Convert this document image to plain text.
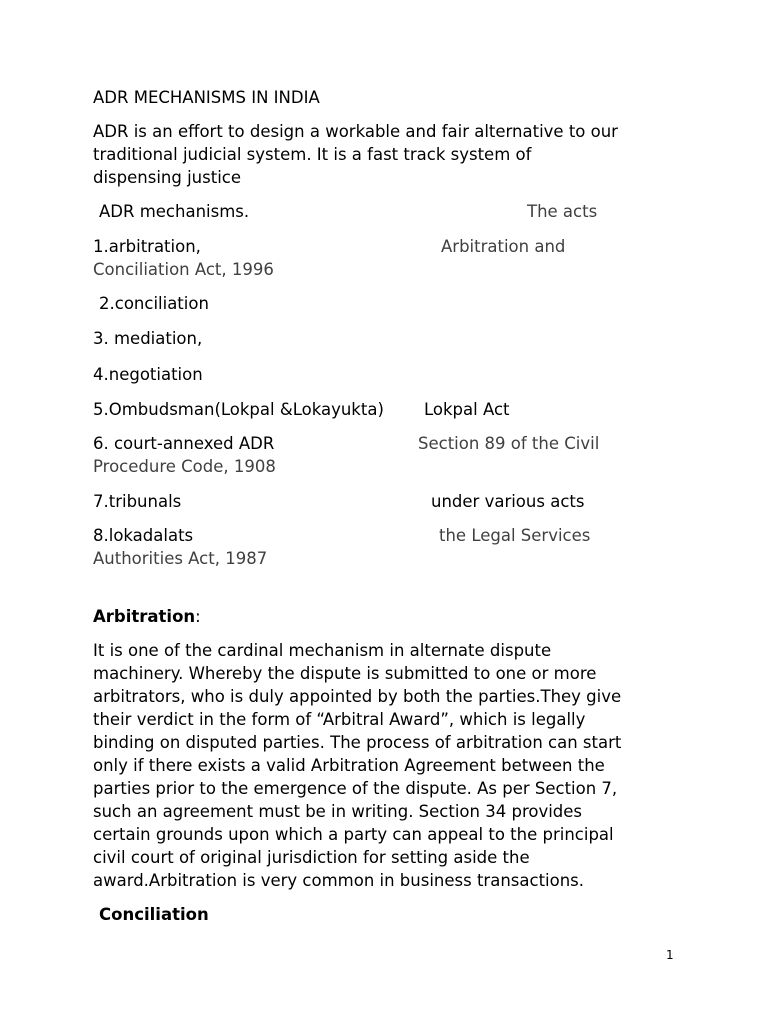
ADR MECHANISMS IN INDIA

ADR is an effort to design a workable and fair alternative to our

traditional judicial system. It is a fast track system of

dispensing justice

ADR mechanisms.	The acts

1.arbitration,	Arbitration and

Conciliation Act, 1996

2.conciliation

3. mediation,

4.negotiation

5.Ombudsman(Lokpal &Lokayukta) Lokpal Act

6. court-annexed ADR	Section 89 of the Civil

Procedure Code, 1908

7.tribunals	under various acts

8.lokadalats	the Legal Services

Authorities Act, 1987

Arbitration:

It is one of the cardinal mechanism in alternate dispute

machinery. Whereby the dispute is submitted to one or more

arbitrators, who is duly appointed by both the parties.They give

their verdict in the form of “Arbitral Award”, which is legally

binding on disputed parties. The process of arbitration can start

only if there exists a valid Arbitration Agreement between the

parties prior to the emergence of the dispute. As per Section 7,

such an agreement must be in writing. Section 34 provides

certain grounds upon which a party can appeal to the principal

civil court of original jurisdiction for setting aside the

award.Arbitration is very common in business transactions.

Conciliation

1
